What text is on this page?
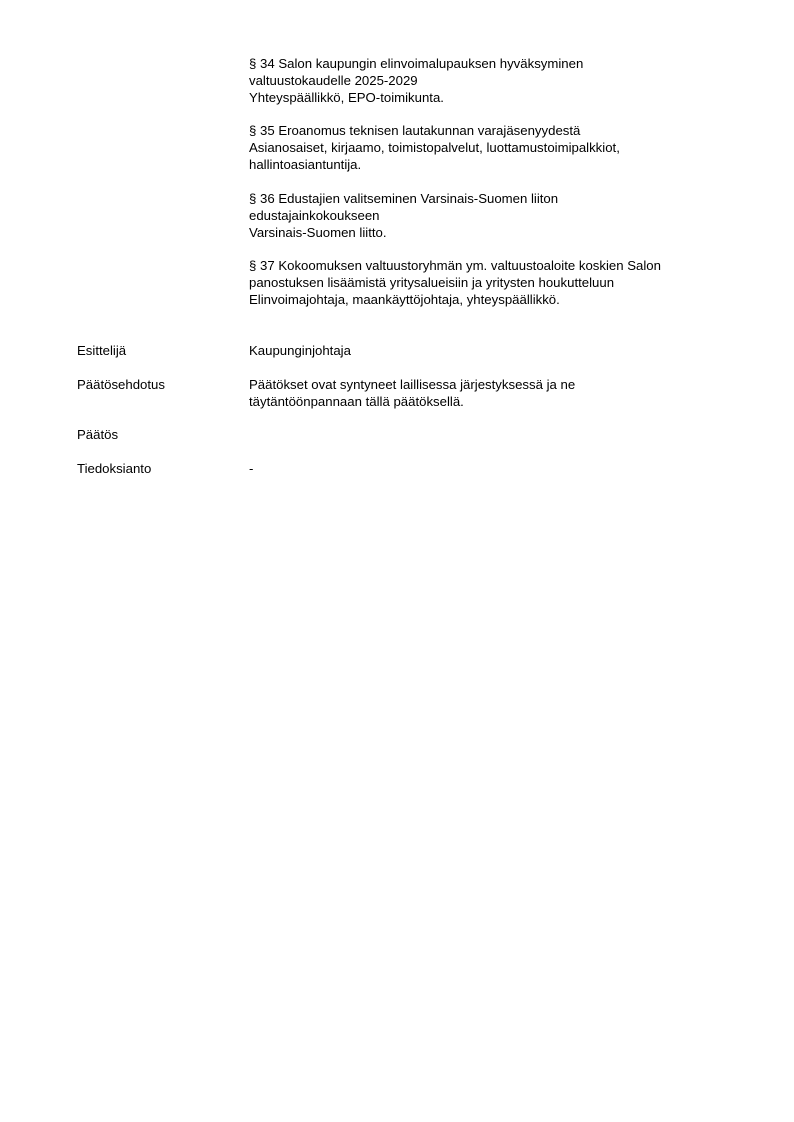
§ 34 Salon kaupungin elinvoimalupauksen hyväksyminen
valtuustokaudelle 2025-2029
Yhteyspäällikkö, EPO-toimikunta.
§ 35 Eroanomus teknisen lautakunnan varajäsenyydestä
Asianosaiset, kirjaamo, toimistopalvelut, luottamustoimipalkkiot,
hallintoasiantuntija.
§ 36 Edustajien valitseminen Varsinais-Suomen liiton
edustajainkokoukseen
Varsinais-Suomen liitto.
§ 37 Kokoomuksen valtuustoryhmän ym. valtuustoaloite koskien Salon
panostuksen lisäämistä yritysalueisiin ja yritysten houkutteluun
Elinvoimajohtaja, maankäyttöjohtaja, yhteyspäällikkö.
Esittelijä	Kaupunginjohtaja
Päätösehdotus	Päätökset ovat syntyneet laillisessa järjestyksessä ja ne
täytäntöönpannaan tällä päätöksellä.
Päätös
Tiedoksianto	-
